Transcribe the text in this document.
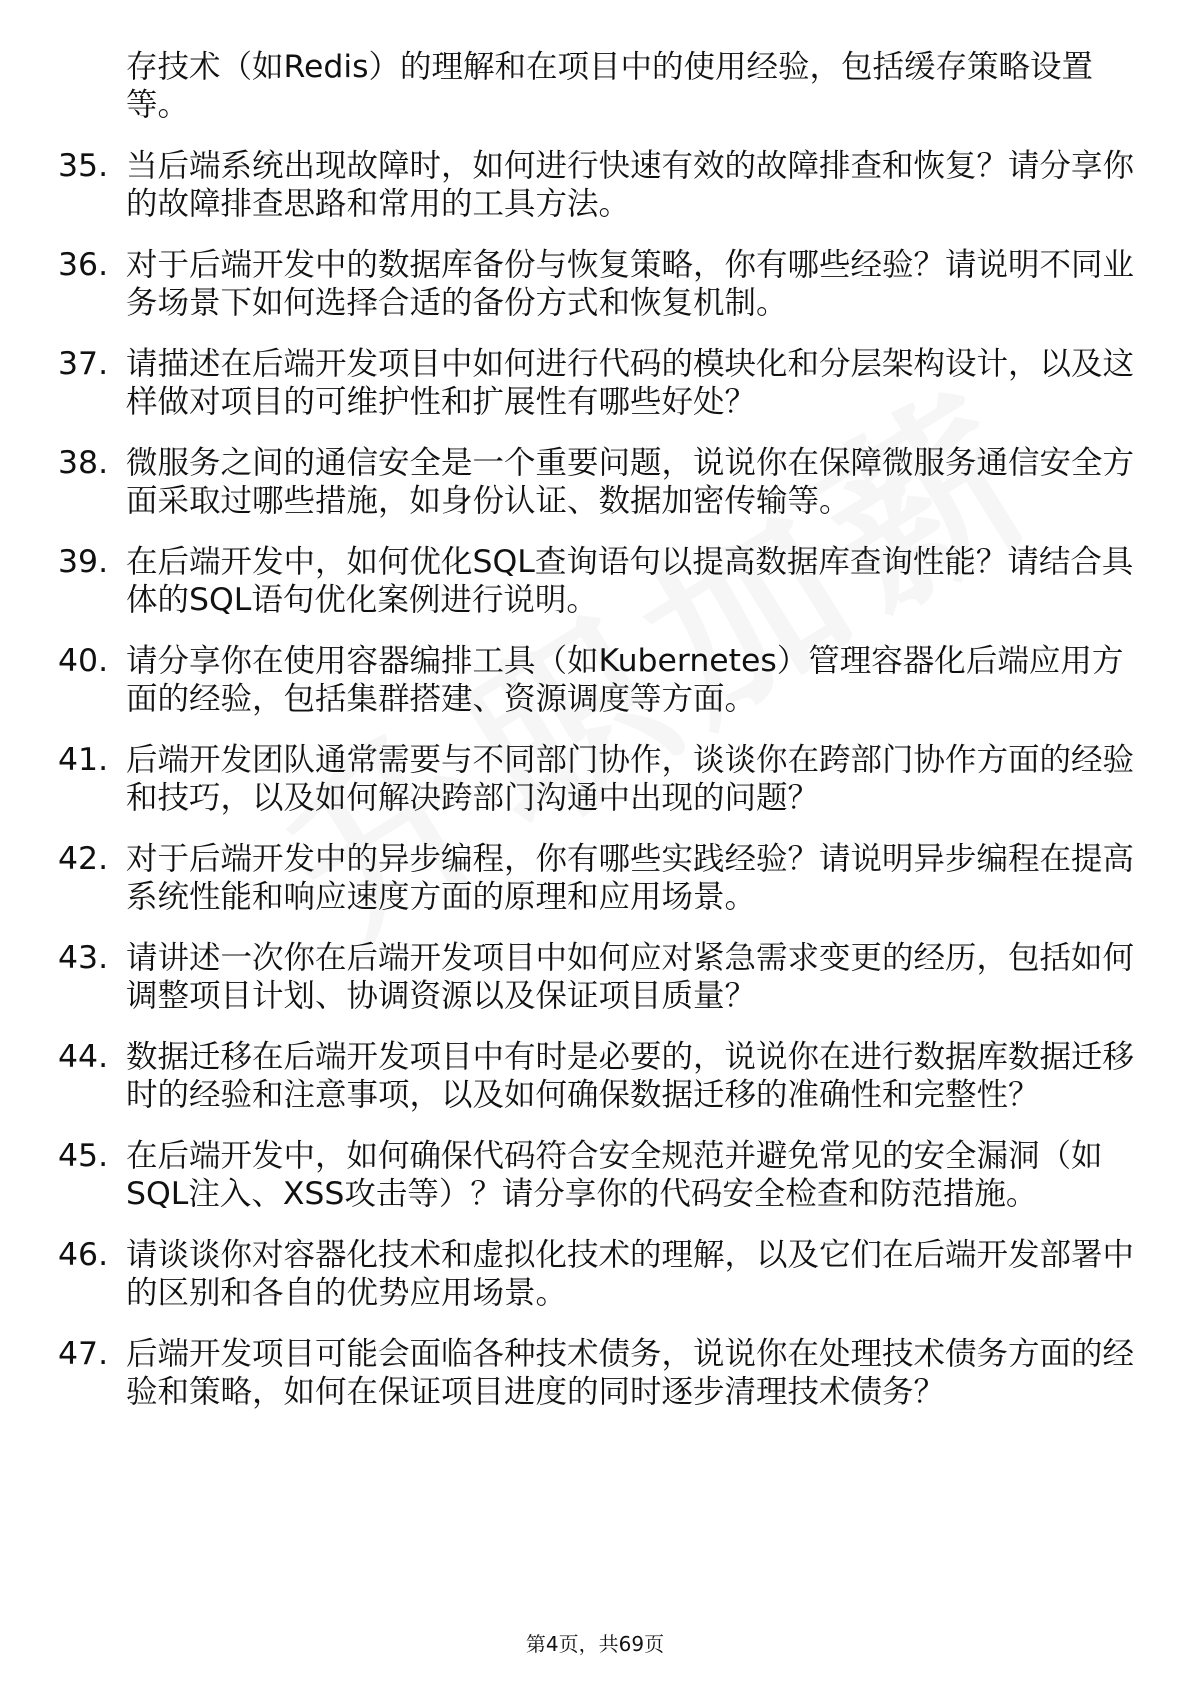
存技术（如Redis）的理解和在项目中的使用经验，包括缓存策略设置等。
35. 当后端系统出现故障时，如何进行快速有效的故障排查和恢复？请分享你的故障排查思路和常用的工具方法。
36. 对于后端开发中的数据库备份与恢复策略，你有哪些经验？请说明不同业务场景下如何选择合适的备份方式和恢复机制。
37. 请描述在后端开发项目中如何进行代码的模块化和分层架构设计，以及这样做对项目的可维护性和扩展性有哪些好处？
38. 微服务之间的通信安全是一个重要问题，说说你在保障微服务通信安全方面采取过哪些措施，如身份认证、数据加密传输等。
39. 在后端开发中，如何优化SQL查询语句以提高数据库查询性能？请结合具体的SQL语句优化案例进行说明。
40. 请分享你在使用容器编排工具（如Kubernetes）管理容器化后端应用方面的经验，包括集群搭建、资源调度等方面。
41. 后端开发团队通常需要与不同部门协作，谈谈你在跨部门协作方面的经验和技巧，以及如何解决跨部门沟通中出现的问题？
42. 对于后端开发中的异步编程，你有哪些实践经验？请说明异步编程在提高系统性能和响应速度方面的原理和应用场景。
43. 请讲述一次你在后端开发项目中如何应对紧急需求变更的经历，包括如何调整项目计划、协调资源以及保证项目质量？
44. 数据迁移在后端开发项目中有时是必要的，说说你在进行数据库数据迁移时的经验和注意事项，以及如何确保数据迁移的准确性和完整性？
45. 在后端开发中，如何确保代码符合安全规范并避免常见的安全漏洞（如SQL注入、XSS攻击等）？请分享你的代码安全检查和防范措施。
46. 请谈谈你对容器化技术和虚拟化技术的理解，以及它们在后端开发部署中的区别和各自的优势应用场景。
47. 后端开发项目可能会面临各种技术债务，说说你在处理技术债务方面的经验和策略，如何在保证项目进度的同时逐步清理技术债务？
第4页，共69页
